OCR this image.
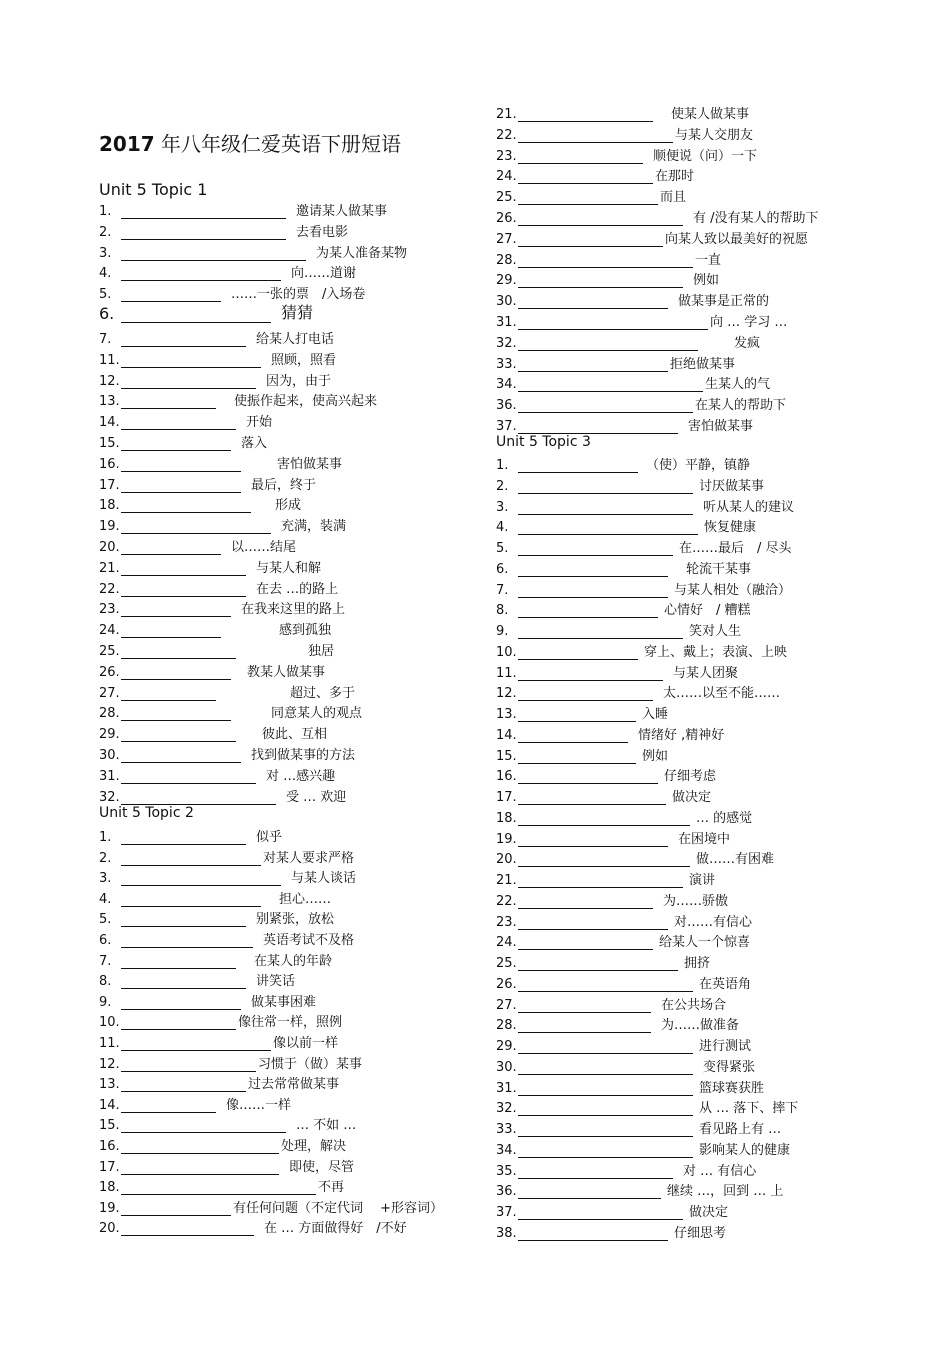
2017 年八年级仁爱英语下册短语
Unit 5 Topic 1
1.	邀请某人做某事
2.	去看电影
3.	为某人准备某物
4.	向……道谢
5.	……一张的票　/入场卷
6.	猜猜
7.	给某人打电话
11.	照顾，照看
12.	因为，由于
13.	使振作起来，使高兴起来
14.	开始
15.	落入
16.	害怕做某事
17.	最后，终于
18.	形成
19.	充满，装满
20.	以……结尾
21.	与某人和解
22.	在去 …的路上
23.	在我来这里的路上
24.	感到孤独
25.	独居
26.	教某人做某事
27.	超过、多于
28.	同意某人的观点
29.	彼此、互相
30.	找到做某事的方法
31.	对 …感兴趣
32.	受 … 欢迎
Unit 5 Topic 2
1.	似乎
2.	对某人要求严格
3.	与某人谈话
4.	担心……
5.	别紧张，放松
6.	英语考试不及格
7.	在某人的年龄
8.	讲笑话
9.	做某事困难
10.	像往常一样，照例
11.	像以前一样
12.	习惯于（做）某事
13.	过去常常做某事
14.	像……一样
15.	… 不如 …
16.	处理，解决
17.	即使，尽管
18.	不再
19.	有任何问题（不定代词　 +形容词）
20.	在 … 方面做得好　/不好
21.	使某人做某事
22.	与某人交朋友
23.	顺便说（问）一下
24.	在那时
25.	而且
26.	有 /没有某人的帮助下
27.	向某人致以最美好的祝愿
28.	一直
29.	例如
30.	做某事是正常的
31.	向 … 学习 …
32.	发疯
33.	拒绝做某事
34.	生某人的气
36.	在某人的帮助下
37.	害怕做某事
Unit 5 Topic 3
1.	（使）平静，镇静
2.	讨厌做某事
3.	听从某人的建议
4.	恢复健康
5.	在……最后　/ 尽头
6.	轮流干某事
7.	与某人相处（融洽）
8.	心情好　/ 糟糕
9.	笑对人生
10.	穿上、戴上；表演、上映
11.	与某人团聚
12.	太……以至不能……
13.	入睡
14.	情绪好 ,精神好
15.	例如
16.	仔细考虑
17.	做决定
18.	… 的感觉
19.	在困境中
20.	做……有困难
21.	演讲
22.	为……骄傲
23.	对……有信心
24.	给某人一个惊喜
25.	拥挤
26.	在英语角
27.	在公共场合
28.	为……做准备
29.	进行测试
30.	变得紧张
31.	篮球赛获胜
32.	从 … 落下、摔下
33.	看见路上有 …
34.	影响某人的健康
35.	对 … 有信心
36.	继续 …，回到 … 上
37.	做决定
38.	仔细思考
